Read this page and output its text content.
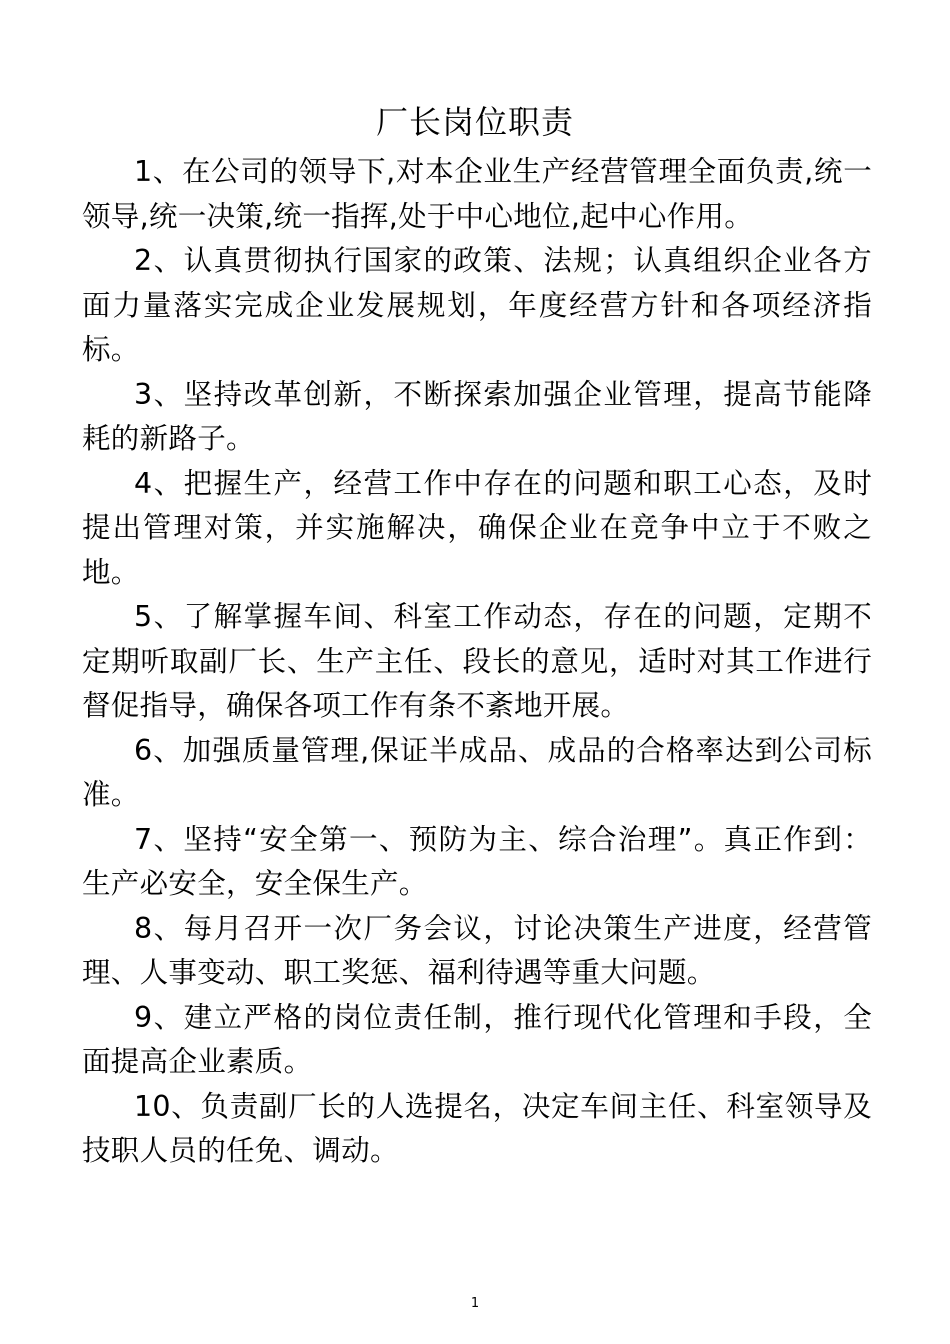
厂长岗位职责

1、在公司的领导下,对本企业生产经营管理全面负责,统一领导,统一决策,统一指挥,处于中心地位,起中心作用。

2、认真贯彻执行国家的政策、法规；认真组织企业各方面力量落实完成企业发展规划，年度经营方针和各项经济指标。

3、坚持改革创新，不断探索加强企业管理，提高节能降耗的新路子。

4、把握生产，经营工作中存在的问题和职工心态，及时提出管理对策，并实施解决，确保企业在竞争中立于不败之地。

5、了解掌握车间、科室工作动态，存在的问题，定期不定期听取副厂长、生产主任、段长的意见，适时对其工作进行督促指导，确保各项工作有条不紊地开展。

6、加强质量管理,保证半成品、成品的合格率达到公司标准。

7、坚持“安全第一、预防为主、综合治理”。真正作到：生产必安全，安全保生产。

8、每月召开一次厂务会议，讨论决策生产进度，经营管理、人事变动、职工奖惩、福利待遇等重大问题。

9、建立严格的岗位责任制，推行现代化管理和手段，全面提高企业素质。

10、负责副厂长的人选提名，决定车间主任、科室领导及技职人员的任免、调动。

1
